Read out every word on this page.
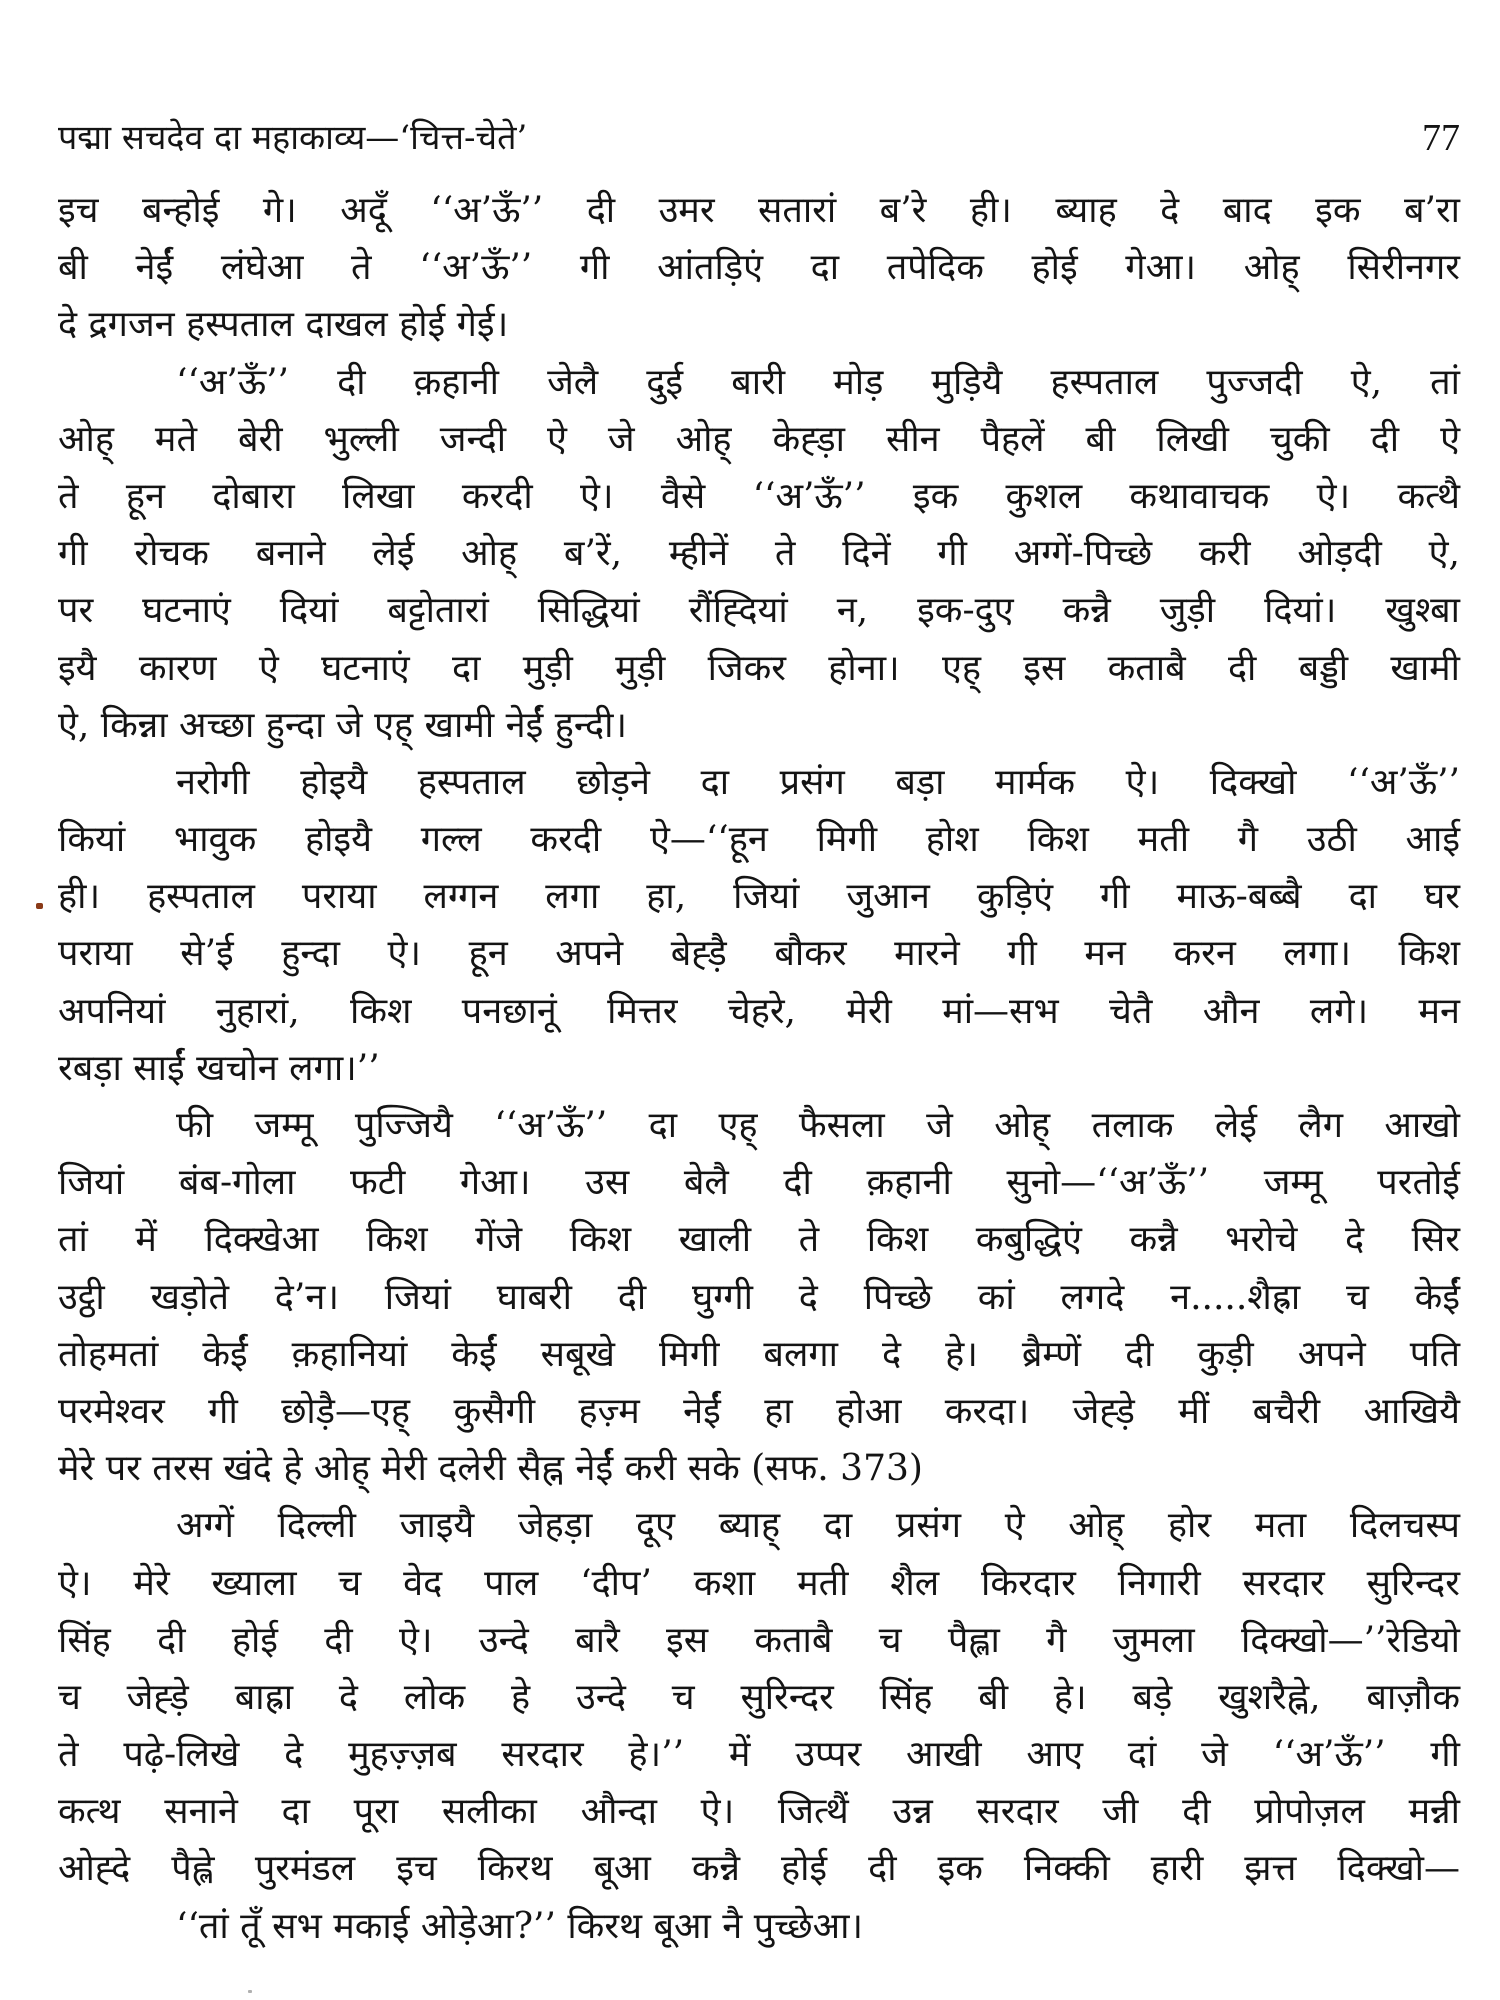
पद्मा सचदेव दा महाकाव्य—‘चित्त-चेते’	77
इच बन्होई गे। अदूँ ‘‘अ’ऊँ’’ दी उमर सतारां ब’रे ही। ब्याह दे बाद इक ब’रा
बी नेईं लंघेआ ते ‘‘अ’ऊँ’’ गी आंतड़िएं दा तपेदिक होई गेआ। ओह् सिरीनगर
दे द्रगजन हस्पताल दाखल होई गेई।
‘‘अ’ऊँ’’ दी क़हानी जेलै दुई बारी मोड़ मुड़ियै हस्पताल पुज्जदी ऐ, तां
ओह् मते बेरी भुल्ली जन्दी ऐ जे ओह् केह्ड़ा सीन पैहलें बी लिखी चुकी दी ऐ
ते हून दोबारा लिखा करदी ऐ। वैसे ‘‘अ’ऊँ’’ इक कुशल कथावाचक ऐ। कत्थै
गी रोचक बनाने लेई ओह् ब’रें, म्हीनें ते दिनें गी अग्गें-पिच्छे करी ओड़दी ऐ,
पर घटनाएं दियां बट्टोतारां सिद्धियां रौंह्दियां न, इक-दुए कन्नै जुड़ी दियां। खुश्बा
इयै कारण ऐ घटनाएं दा मुड़ी मुड़ी जिकर होना। एह् इस कताबै दी बड्डी खामी
ऐ, किन्ना अच्छा हुन्दा जे एह् खामी नेईं हुन्दी।
नरोगी होइयै हस्पताल छोड़ने दा प्रसंग बड़ा मार्मक ऐ। दिक्खो ‘‘अ’ऊँ’’
कियां भावुक होइयै गल्ल करदी ऐ—‘‘हून मिगी होश किश मती गै उठी आई
ही। हस्पताल पराया लग्गन लगा हा, जियां जुआन कुड़िएं गी माऊ-बब्बै दा घर
पराया से’ई हुन्दा ऐ। हून अपने बेह्ड़ै बौकर मारने गी मन करन लगा। किश
अपनियां नुहारां, किश पनछानूं मित्तर चेहरे, मेरी मां—सभ चेतै औन लगे। मन
रबड़ा साईं खचोन लगा।’’
फी जम्मू पुज्जियै ‘‘अ’ऊँ’’ दा एह् फैसला जे ओह् तलाक लेई लैग आखो
जियां बंब-गोला फटी गेआ। उस बेलै दी क़हानी सुनो—‘‘अ’ऊँ’’ जम्मू परतोई
तां में दिक्खेआ किश गेंजे किश खाली ते किश कबुद्धिएं कन्नै भरोचे दे सिर
उट्ठी खड़ोते दे’न। जियां घाबरी दी घुग्गी दे पिच्छे कां लगदे न.....शैह्रा च केईं
तोहमतां केईं क़हानियां केईं सबूखे मिगी बलगा दे हे। ब्रैम्णें दी कुड़ी अपने पति
परमेश्वर गी छोड़ै—एह् कुसैगी हज़्म नेईं हा होआ करदा। जेह्ड़े मीं बचैरी आखियै
मेरे पर तरस खंदे हे ओह् मेरी दलेरी सैह्न नेईं करी सके (सफ. 373)
अग्गें दिल्ली जाइयै जेहड़ा दूए ब्याह् दा प्रसंग ऐ ओह् होर मता दिलचस्प
ऐ। मेरे ख्याला च वेद पाल ‘दीप’ कशा मती शैल किरदार निगारी सरदार सुरिन्दर
सिंह दी होई दी ऐ। उन्दे बारै इस कताबै च पैह्ला गै जुमला दिक्खो—’’रेडियो
च जेह्ड़े बाह्रा दे लोक हे उन्दे च सुरिन्दर सिंह बी हे। बड़े खुशरैह्ने, बाज़ौक
ते पढ़े-लिखे दे मुहज़्ज़ब सरदार हे।’’ में उप्पर आखी आए दां जे ‘‘अ’ऊँ’’ गी
कत्थ सनाने दा पूरा सलीका औन्दा ऐ। जित्थैं उन्न सरदार जी दी प्रोपोज़ल मन्नी
ओह्दे पैह्ले पुरमंडल इच किरथ बूआ कन्नै होई दी इक निक्की हारी झत्त दिक्खो—
‘‘तां तूँ सभ मकाई ओड़ेआ?’’ किरथ बूआ नै पुच्छेआ।
